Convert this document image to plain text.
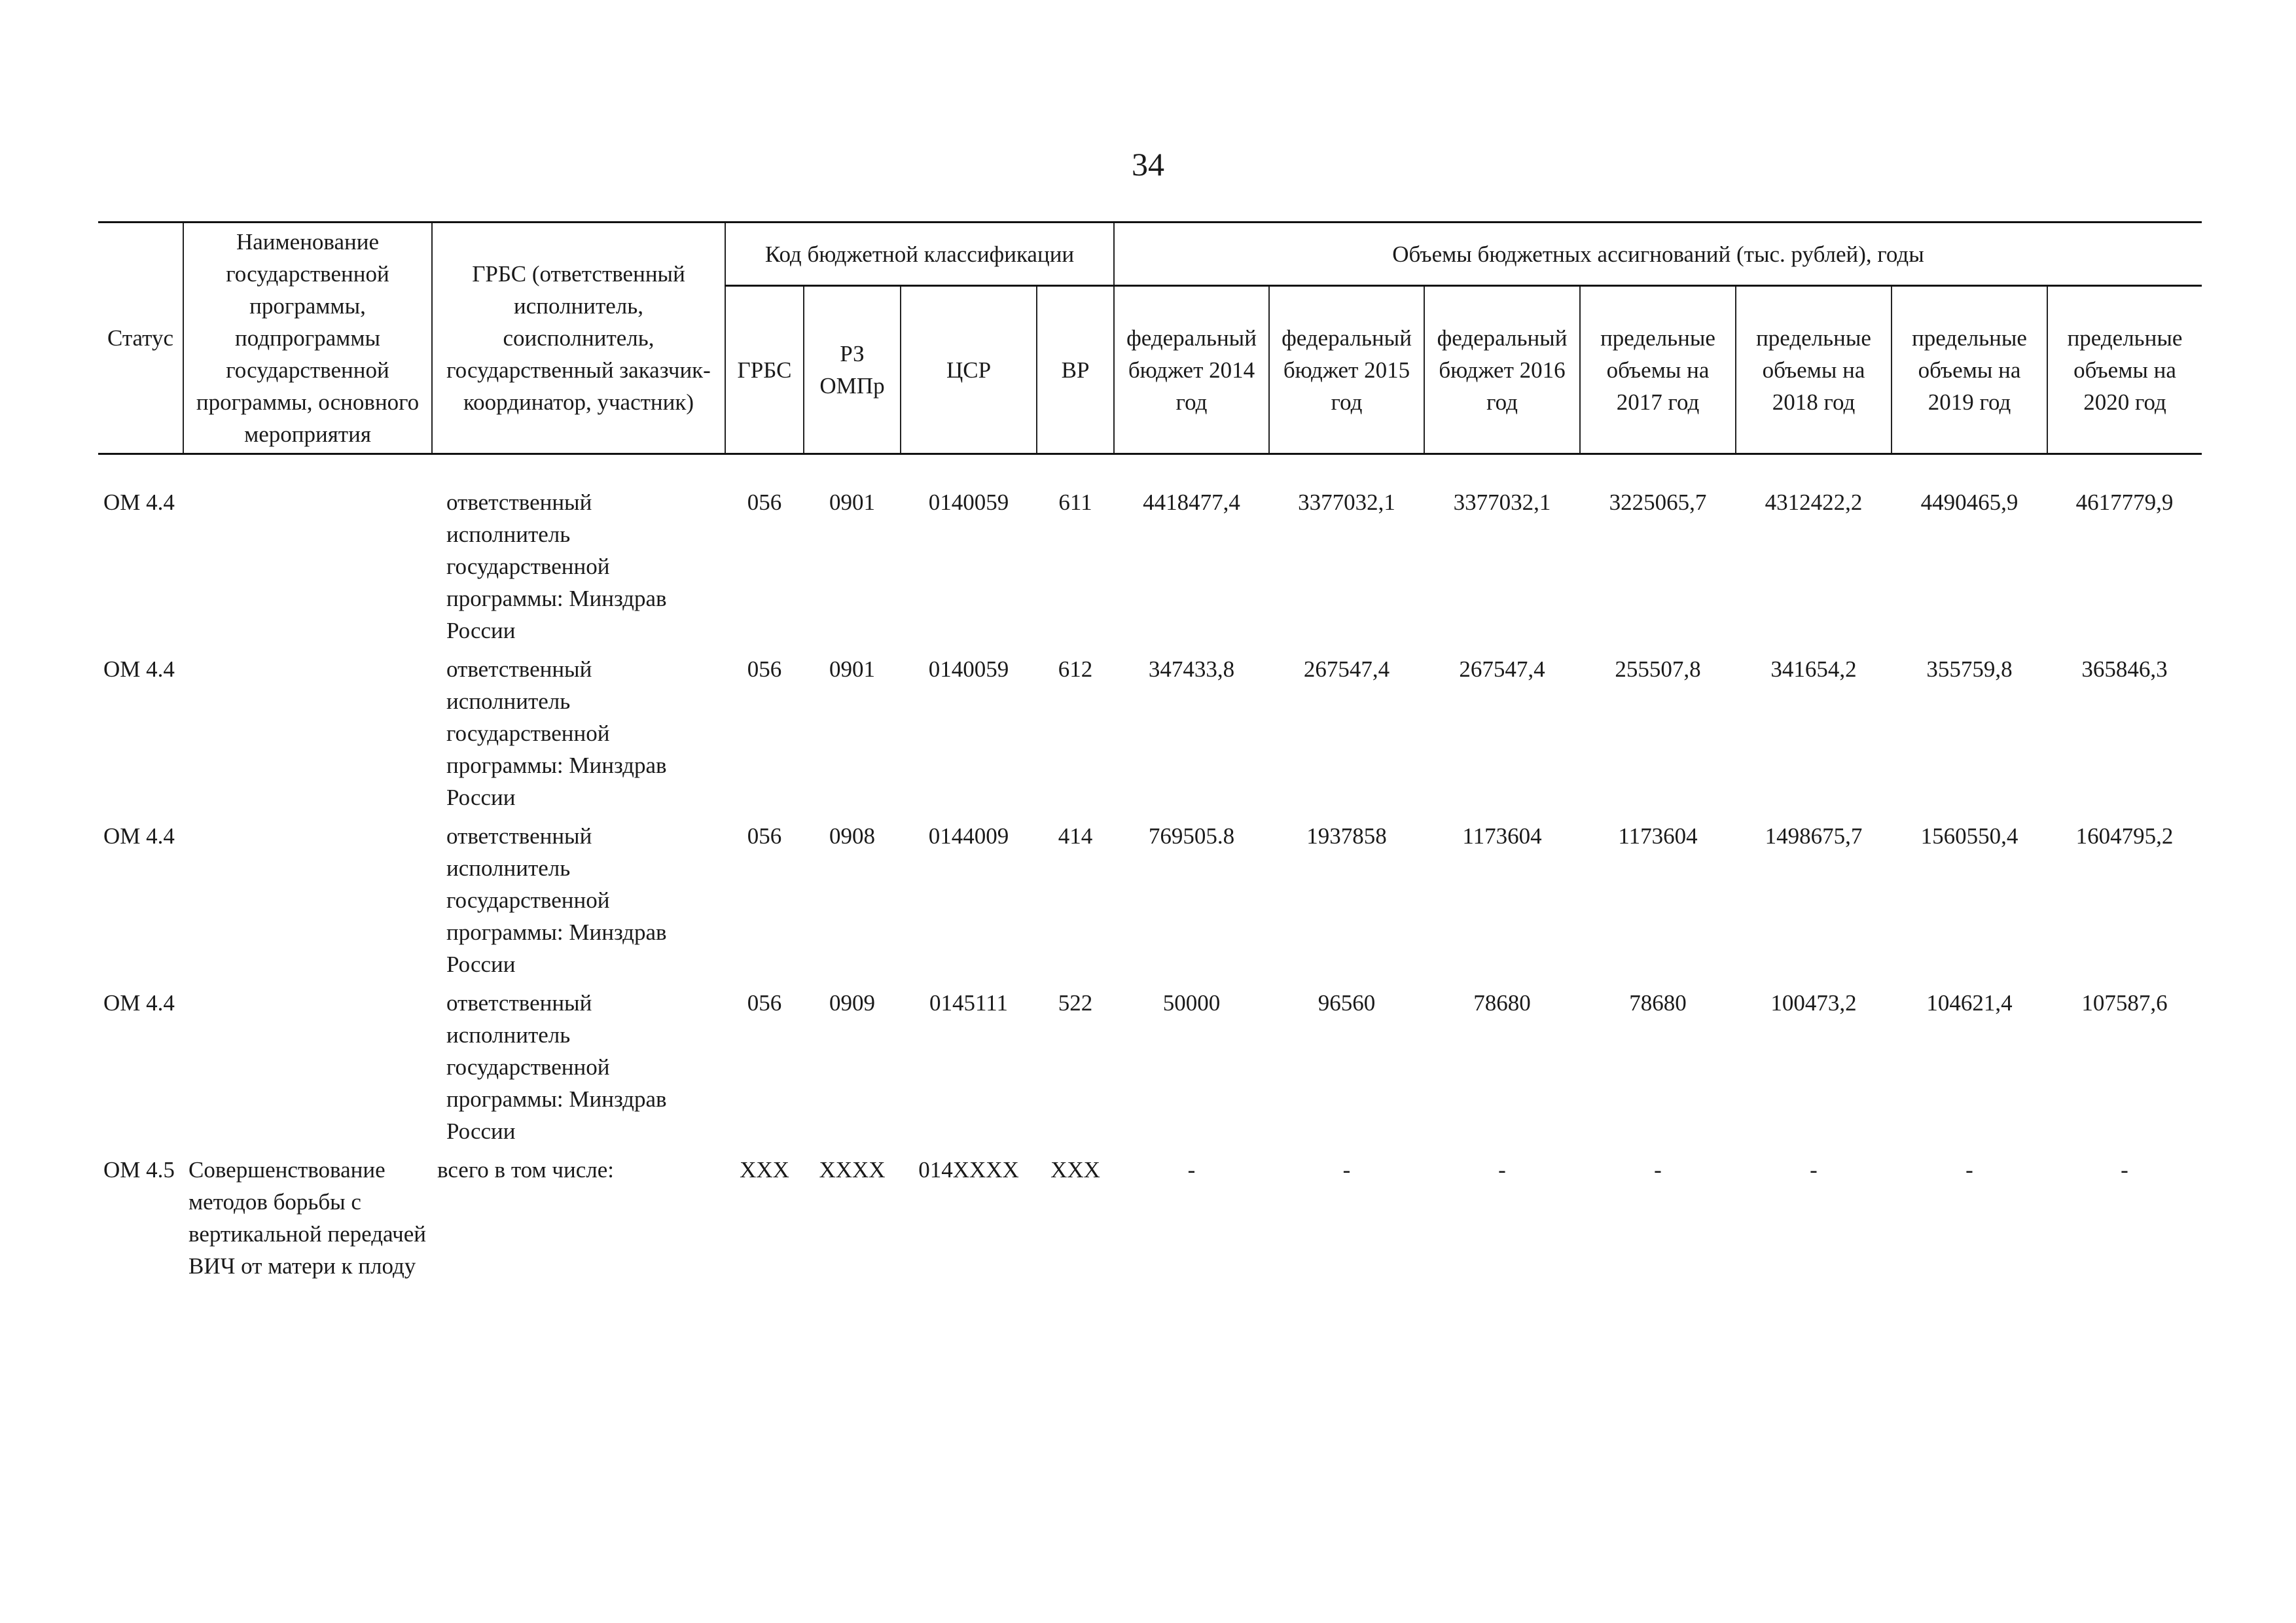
34
Статус	Наименование государственной программы, подпрограммы государственной программы, основного мероприятия	ГРБС (ответственный исполнитель, соисполнитель, государственный заказчик-координатор, участник)	Код бюджетной классификации				Объемы бюджетных ассигнований (тыс. рублей), годы						
			ГРБС	РЗ ОМПр	ЦСР	ВР	федеральный бюджет 2014 год	федеральный бюджет 2015 год	федеральный бюджет 2016 год	предельные объемы на 2017 год	предельные объемы на 2018 год	предельные объемы на 2019 год	предельные объемы на 2020 год
ОМ 4.4		ответственный исполнитель государственной программы: Минздрав России	056	0901	0140059	611	4418477,4	3377032,1	3377032,1	3225065,7	4312422,2	4490465,9	4617779,9
ОМ 4.4		ответственный исполнитель государственной программы: Минздрав России	056	0901	0140059	612	347433,8	267547,4	267547,4	255507,8	341654,2	355759,8	365846,3
ОМ 4.4		ответственный исполнитель государственной программы: Минздрав России	056	0908	0144009	414	769505.8	1937858	1173604	1173604	1498675,7	1560550,4	1604795,2
ОМ 4.4		ответственный исполнитель государственной программы: Минздрав России	056	0909	0145111	522	50000	96560	78680	78680	100473,2	104621,4	107587,6
ОМ 4.5	Совершенствование методов борьбы с вертикальной передачей ВИЧ от матери к плоду	всего в том числе:	XXX	XXXX	014XXXX	XXX	-	-	-	-	-	-	-
